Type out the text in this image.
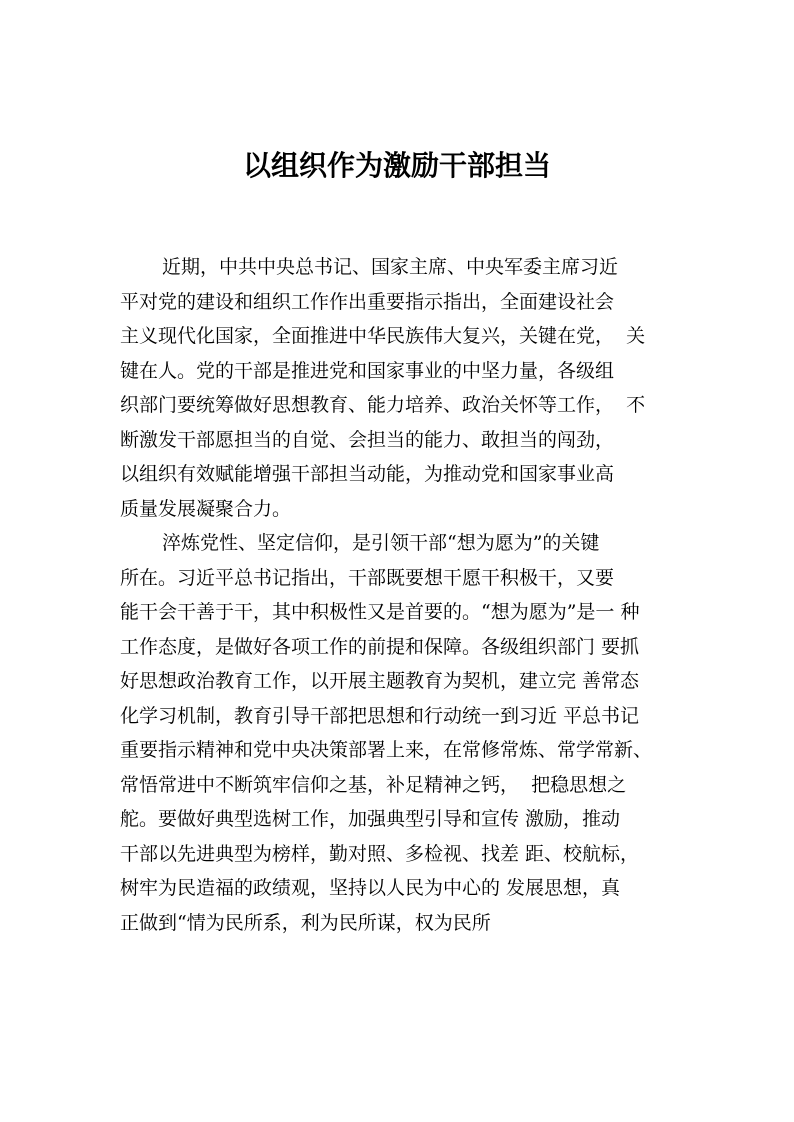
以组织作为激励干部担当
近期，中共中央总书记、国家主席、中央军委主席习近
平对党的建设和组织工作作出重要指示指出，全面建设社会
主义现代化国家，全面推进中华民族伟大复兴，关键在党，  关
键在人。党的干部是推进党和国家事业的中坚力量，各级组
织部门要统筹做好思想教育、能力培养、政治关怀等工作，  不
断激发干部愿担当的自觉、会担当的能力、敢担当的闯劲，
以组织有效赋能增强干部担当动能，为推动党和国家事业高
质量发展凝聚合力。
淬炼党性、坚定信仰，是引领干部“想为愿为”的关键
所在。习近平总书记指出，干部既要想干愿干积极干，又要
能干会干善于干，其中积极性又是首要的。“想为愿为”是一 种
工作态度，是做好各项工作的前提和保障。各级组织部门 要抓
好思想政治教育工作，以开展主题教育为契机，建立完 善常态
化学习机制，教育引导干部把思想和行动统一到习近 平总书记
重要指示精神和党中央决策部署上来，在常修常炼、常学常新、
常悟常进中不断筑牢信仰之基，补足精神之钙，  把稳思想之
舵。要做好典型选树工作，加强典型引导和宣传 激励，推动
干部以先进典型为榜样，勤对照、多检视、找差 距、校航标，
树牢为民造福的政绩观，坚持以人民为中心的 发展思想，真
正做到“情为民所系，利为民所谋，权为民所
